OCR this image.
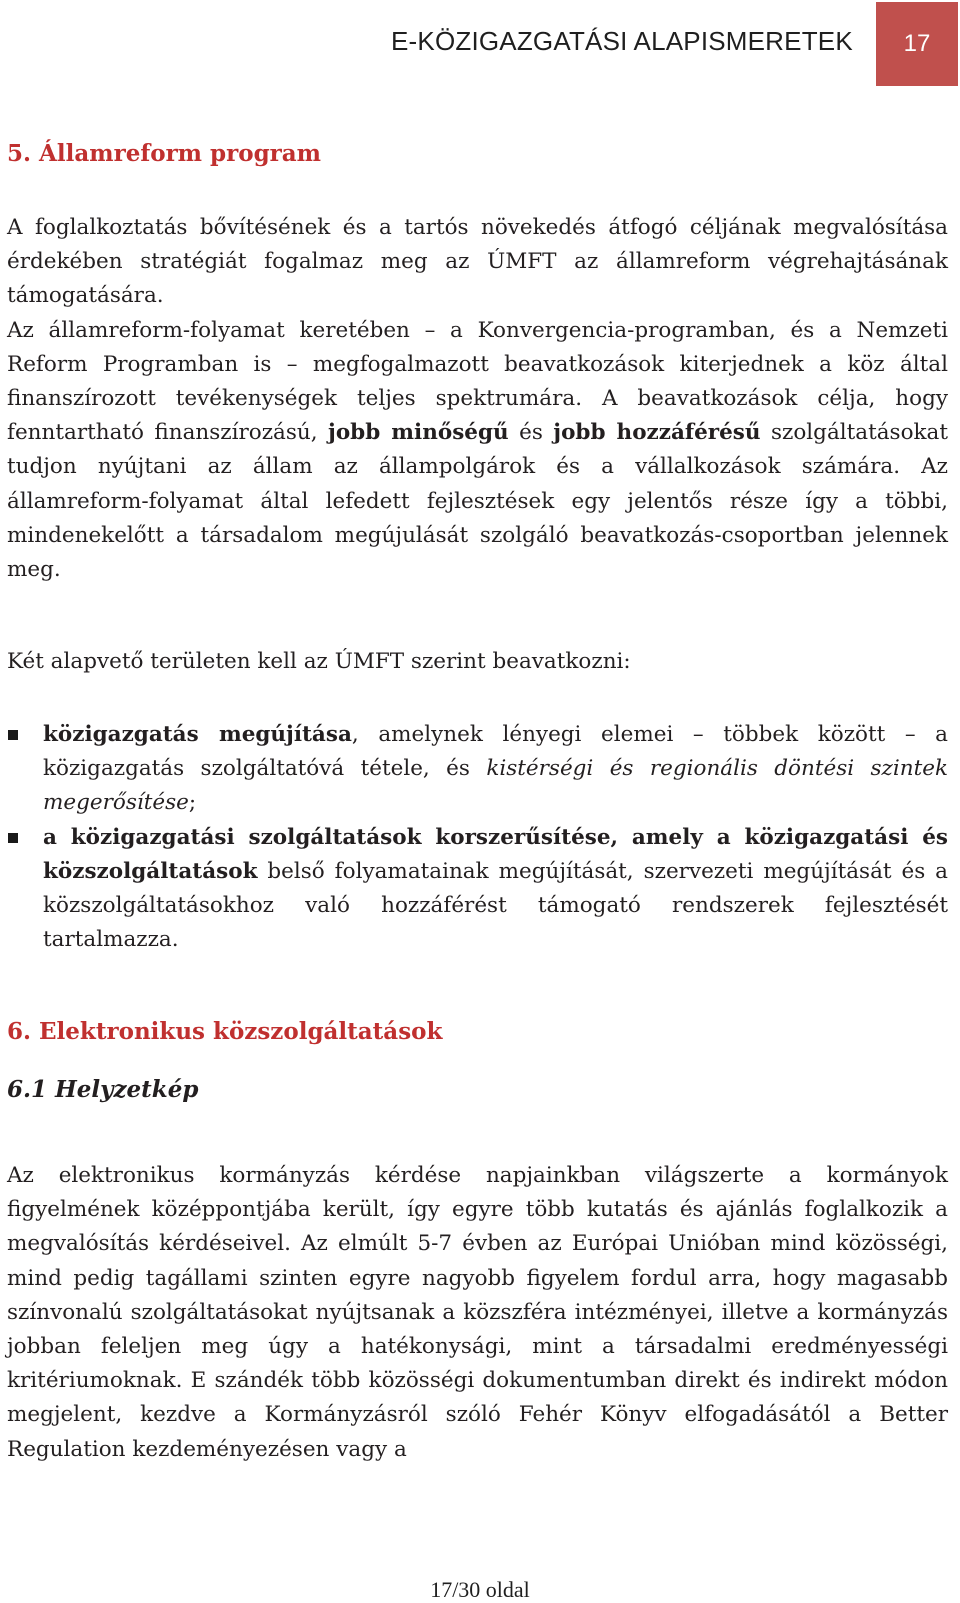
E-KÖZIGAZGATÁSI ALAPISMERETEK	17
5. Államreform program

A foglalkoztatás bővítésének és a tartós növekedés átfogó céljának megvalósítása érdekében stratégiát fogalmaz meg az ÚMFT az államreform végrehajtásának támogatására.

Az államreform-folyamat keretében – a Konvergencia-programban, és a Nemzeti Reform Programban is – megfogalmazott beavatkozások kiterjednek a köz által finanszírozott tevékenységek teljes spektrumára. A beavatkozások célja, hogy fenntartható finanszírozású, jobb minőségű és jobb hozzáférésű szolgáltatásokat tudjon nyújtani az állam az állampolgárok és a vállalkozások számára. Az államreform-folyamat által lefedett fejlesztések egy jelentős része így a többi, mindenekelőtt a társadalom megújulását szolgáló beavatkozás-csoportban jelennek meg.

Két alapvető területen kell az ÚMFT szerint beavatkozni:

közigazgatás megújítása, amelynek lényegi elemei – többek között – a közigazgatás szolgáltatóvá tétele, és kistérségi és regionális döntési szintek megerősítése;
a közigazgatási szolgáltatások korszerűsítése, amely a közigazgatási és közszolgáltatások belső folyamatainak megújítását, szervezeti megújítását és a közszolgáltatásokhoz való hozzáférést támogató rendszerek fejlesztését tartalmazza.
6. Elektronikus közszolgáltatások
6.1 Helyzetkép

Az elektronikus kormányzás kérdése napjainkban világszerte a kormányok figyelmének középpontjába került, így egyre több kutatás és ajánlás foglalkozik a megvalósítás kérdéseivel. Az elmúlt 5-7 évben az Európai Unióban mind közösségi, mind pedig tagállami szinten egyre nagyobb figyelem fordul arra, hogy magasabb színvonalú szolgáltatásokat nyújtsanak a közszféra intézményei, illetve a kormányzás jobban feleljen meg úgy a hatékonysági, mint a társadalmi eredményességi kritériumoknak. E szándék több közösségi dokumentumban direkt és indirekt módon megjelent, kezdve a Kormányzásról szóló Fehér Könyv elfogadásától a Better Regulation kezdeményezésen vagy a

17/30 oldal
